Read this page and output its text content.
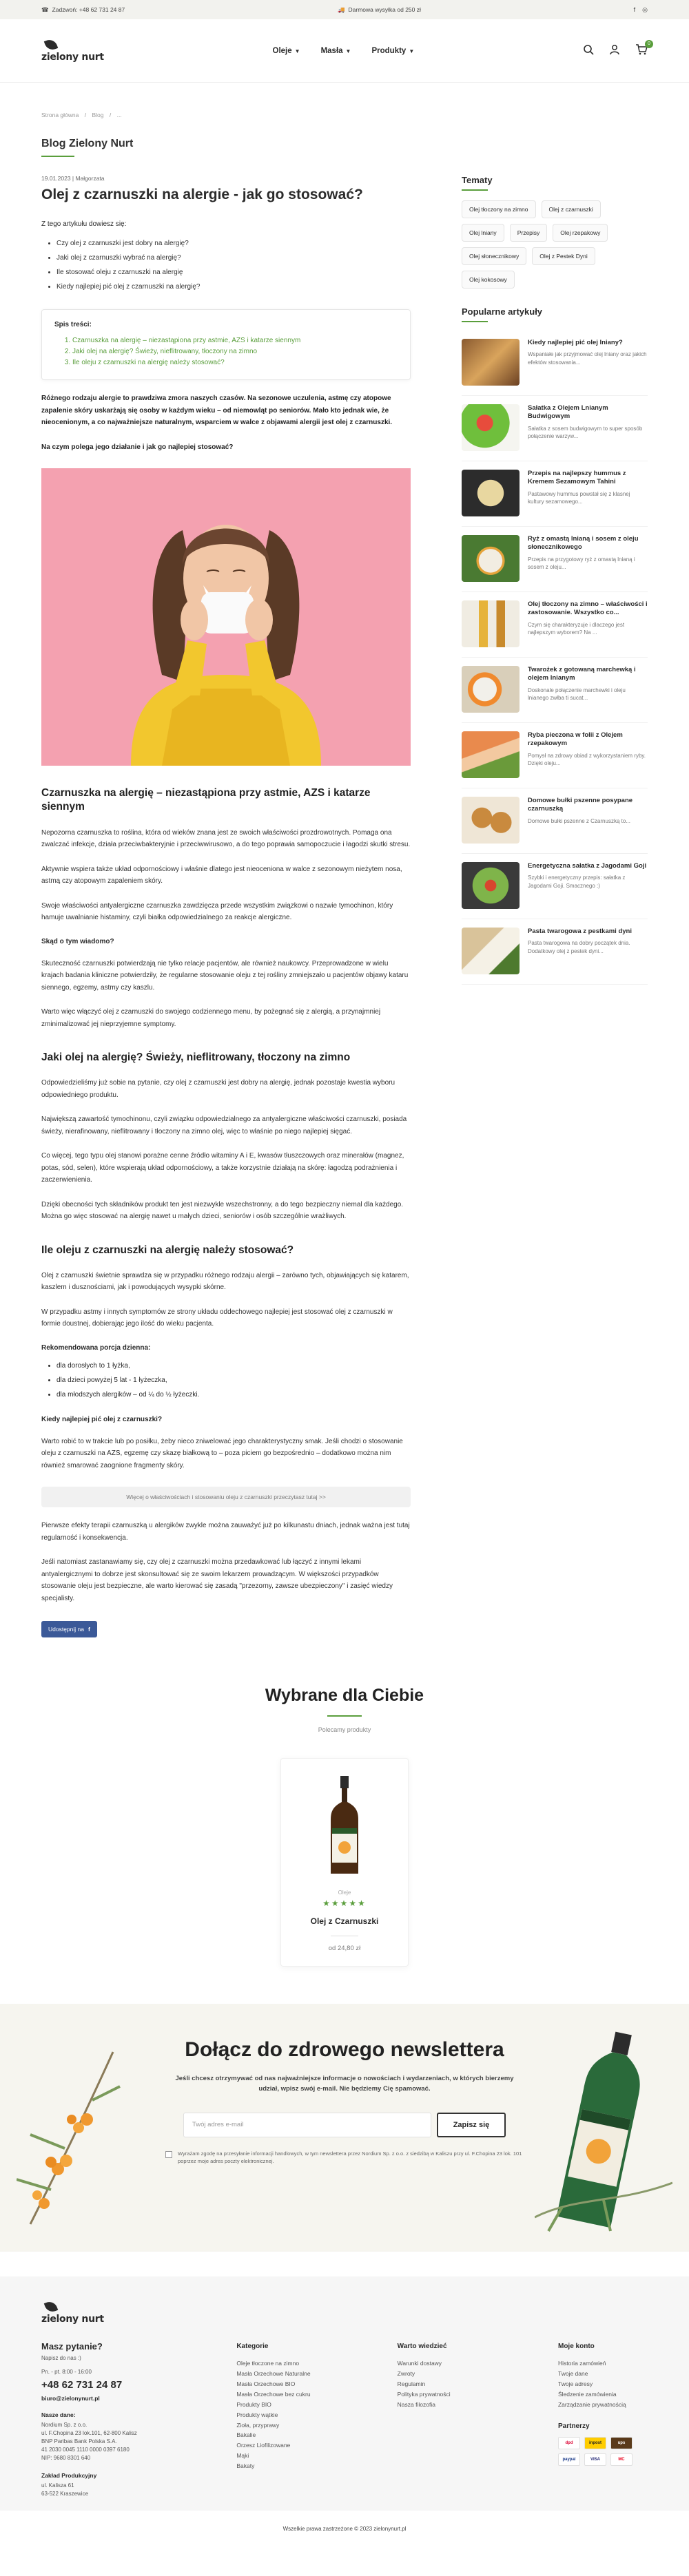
☎ Zadzwoń: +48 62 731 24 87	🚚 Darmowa wysyłka od 250 zł	f ◎
zielony nurt
Oleje ▼	Masła ▼	Produkty ▼
0
Strona główna / Blog / ...
Blog Zielony Nurt
19.01.2023 | Małgorzata
Olej z czarnuszki na alergie - jak go stosować?
Z tego artykułu dowiesz się:
• Czy olej z czarnuszki jest dobry na alergię?
• Jaki olej z czarnuszki wybrać na alergię?
• Ile stosować oleju z czarnuszki na alergię
• Kiedy najlepiej pić olej z czarnuszki na alergię?
Spis treści:
1. Czarnuszka na alergię – niezastąpiona przy astmie, AZS i katarze siennym
2. Jaki olej na alergię? Świeży, nieflitrowany, tłoczony na zimno
3. Ile oleju z czarnuszki na alergię należy stosować?

Różnego rodzaju alergie to prawdziwa zmora naszych czasów. Na sezonowe uczulenia, astmę czy atopowe zapalenie skóry uskarżają się osoby w każdym wieku – od niemowląt po seniorów. Mało kto jednak wie, że nieocenionym, a co najważniejsze naturalnym, wsparciem w walce z objawami alergii jest olej z czarnuszki.

Na czym polega jego działanie i jak go najlepiej stosować?

Czarnuszka na alergię – niezastąpiona przy astmie, AZS i katarze siennym

Nepozorna czarnuszka to roślina, która od wieków znana jest ze swoich właściwości prozdrowotnych. Pomaga ona zwalczać infekcje, działa przeciwbakteryjnie i przeciwwirusowo, a do tego poprawia samopoczucie i łagodzi skutki stresu.

Aktywnie wspiera także układ odpornościowy i właśnie dlatego jest nieoceniona w walce z sezonowym nieżytem nosa, astmą czy atopowym zapaleniem skóry.

Swoje właściwości antyalergiczne czarnuszka zawdzięcza przede wszystkim związkowi o nazwie tymochinon, który hamuje uwalnianie histaminy, czyli białka odpowiedzialnego za reakcje alergiczne.

Skąd o tym wiadomo?

Skuteczność czarnuszki potwierdzają nie tylko relacje pacjentów, ale również naukowcy. Przeprowadzone w wielu krajach badania kliniczne potwierdziły, że regularne stosowanie oleju z tej rośliny zmniejszało u pacjentów objawy kataru siennego, egzemy, astmy czy kaszlu.

Warto więc włączyć olej z czarnuszki do swojego codziennego menu, by pożegnać się z alergią, a przynajmniej zminimalizować jej nieprzyjemne symptomy.

Jaki olej na alergię? Świeży, nieflitrowany, tłoczony na zimno

Odpowiedzieliśmy już sobie na pytanie, czy olej z czarnuszki jest dobry na alergię, jednak pozostaje kwestia wyboru odpowiedniego produktu.

Największą zawartość tymochinonu, czyli związku odpowiedzialnego za antyalergiczne właściwości czarnuszki, posiada świeży, nierafinowany, nieflitrowany i tłoczony na zimno olej, więc to właśnie po niego najlepiej sięgać.

Co więcej, tego typu olej stanowi porażne cenne źródło witaminy A i E, kwasów tłuszczowych oraz minerałów (magnez, potas, sód, selen), które wspierają układ odpornościowy, a także korzystnie działają na skórę: łagodzą podrażnienia i zaczerwienienia.

Dzięki obecności tych składników produkt ten jest niezwykle wszechstronny, a do tego bezpieczny niemal dla każdego. Można go więc stosować na alergię nawet u małych dzieci, seniorów i osób szczególnie wrażliwych.

Ile oleju z czarnuszki na alergię należy stosować?

Olej z czarnuszki świetnie sprawdza się w przypadku różnego rodzaju alergii – zarówno tych, objawiających się katarem, kaszlem i dusznościami, jak i powodujących wysypki skórne.

W przypadku astmy i innych symptomów ze strony układu oddechowego najlepiej jest stosować olej z czarnuszki w formie doustnej, dobierając jego ilość do wieku pacjenta.

Rekomendowana porcja dzienna:
• dla dorosłych to 1 łyżka,
• dla dzieci powyżej 5 lat - 1 łyżeczka,
• dla młodszych alergików – od ¼ do ½ łyżeczki.
Kiedy najlepiej pić olej z czarnuszki?

Warto robić to w trakcie lub po posiłku, żeby nieco zniwelować jego charakterystyczny smak. Jeśli chodzi o stosowanie oleju z czarnuszki na AZS, egzemę czy skazę białkową to – poza piciem go bezpośrednio – dodatkowo można nim również smarować zaognione fragmenty skóry.

Więcej o właściwościach i stosowaniu oleju z czarnuszki przeczytasz tutaj >>

Pierwsze efekty terapii czarnuszką u alergików zwykle można zauważyć już po kilkunastu dniach, jednak ważna jest tutaj regularność i konsekwencja.

Jeśli natomiast zastanawiamy się, czy olej z czarnuszki można przedawkować lub łączyć z innymi lekami antyalergicznymi to dobrze jest skonsultować się ze swoim lekarzem prowadzącym. W większości przypadków stosowanie oleju jest bezpieczne, ale warto kierować się zasadą "przezorny, zawsze ubezpieczony" i zasięć wiedzy specjalisty.

Udostępnij na f
Tematy
Olej tłoczony na zimno	Olej z czarnuszki
Olej lniany	Przepisy	Olej rzepakowy
Olej słonecznikowy	Olej z Pestek Dyni
Olej kokosowy
Popularne artykuły
Kiedy najlepiej pić olej lniany?
Wspaniałe jak przyjmować olej lniany oraz jakich efektów stosowania...
Sałatka z Olejem Lnianym Budwigowym
Sałatka z sosem budwigowym to super sposób połączenie warzyw...
Przepis na najlepszy hummus z Kremem Sezamowym Tahini
Pastawowy hummus powstał się z klasnej kultury sezamowego...
Ryż z omastą lnianą i sosem z oleju słonecznikowego
Przepis na przygotowy ryż z omastą lnianą i sosem z oleju...
Olej tłoczony na zimno – właściwości i zastosowanie. Wszystko co...
Czym się charakteryzuje i dlaczego jest najlepszym wyborem? Na ...
Twarożek z gotowaną marchewką i olejem lnianym
Doskonale połączenie marchewki i oleju lnianego zwłba ti sucat...
Ryba pieczona w folii z Olejem rzepakowym
Pomysł na zdrowy obiad z wykorzystaniem ryby. Dzięki oleju...
Domowe bułki pszenne posypane czarnuszką
Domowe bułki pszenne z Czarnuszką to...
Energetyczna sałatka z Jagodami Goji
Szybki i energetyczny przepis: sałatka z Jagodami Goji. Smacznego :)
Pasta twarogowa z pestkami dyni
Pasta twarogowa na dobry początek dnia. Dodatkowy olej z pestek dyni...
Wybrane dla Ciebie
Polecamy produkty
Oleje
★★★★★
Olej z Czarnuszki
od 24,80 zł
Dołącz do zdrowego newslettera
Jeśli chcesz otrzymywać od nas najważniejsze informacje o nowościach i wydarzeniach, w których bierzemy udział, wpisz swój e-mail. Nie będziemy Cię spamować.
Twój adres e-mail	Zapisz się
Wyrażam zgodę na przesyłanie informacji handlowych, w tym newslettera przez Nordium Sp. z o.o. z siedzibą w Kaliszu przy ul. F.Chopina 23 lok. 101 poprzez moje adres poczty elektronicznej.
zielony nurt
Masz pytanie?
Napisz do nas :)
Pn. - pt. 8:00 - 16:00
+48 62 731 24 87
biuro@zielonynurt.pl
Nasze dane:
Nordium Sp. z o.o.
ul. F.Chopina 23 lok.101, 62-800 Kalisz
BNP Paribas Bank Polska S.A.
41 2030 0045 1110 0000 0397 6180
NIP: 9680 8301 640
Zakład Produkcyjny
ul. Kalisza 61
63-522 Kraszewice
Kategorie
Oleje tłoczone na zimno
Masła Orzechowe Naturalne
Masła Orzechowe BIO
Masła Orzechowe bez cukru
Produkty BIO
Produkty wątkie
Zioła, przyprawy
Bakalie
Orzesz Liofilizowane
Mąki
Bakaty
Warto wiedzieć
Warunki dostawy
Zwroty
Regulamin
Polityka prywatności
Nasza filozofia
Moje konto
Historia zamówień
Twoje dane
Twoje adresy
Śledzenie zamówienia
Zarządzanie prywatnością
Partnerzy
dpd	inpost	ups
paypal	VISA	MC
Wszelkie prawa zastrzeżone © 2023 zielonynurt.pl
